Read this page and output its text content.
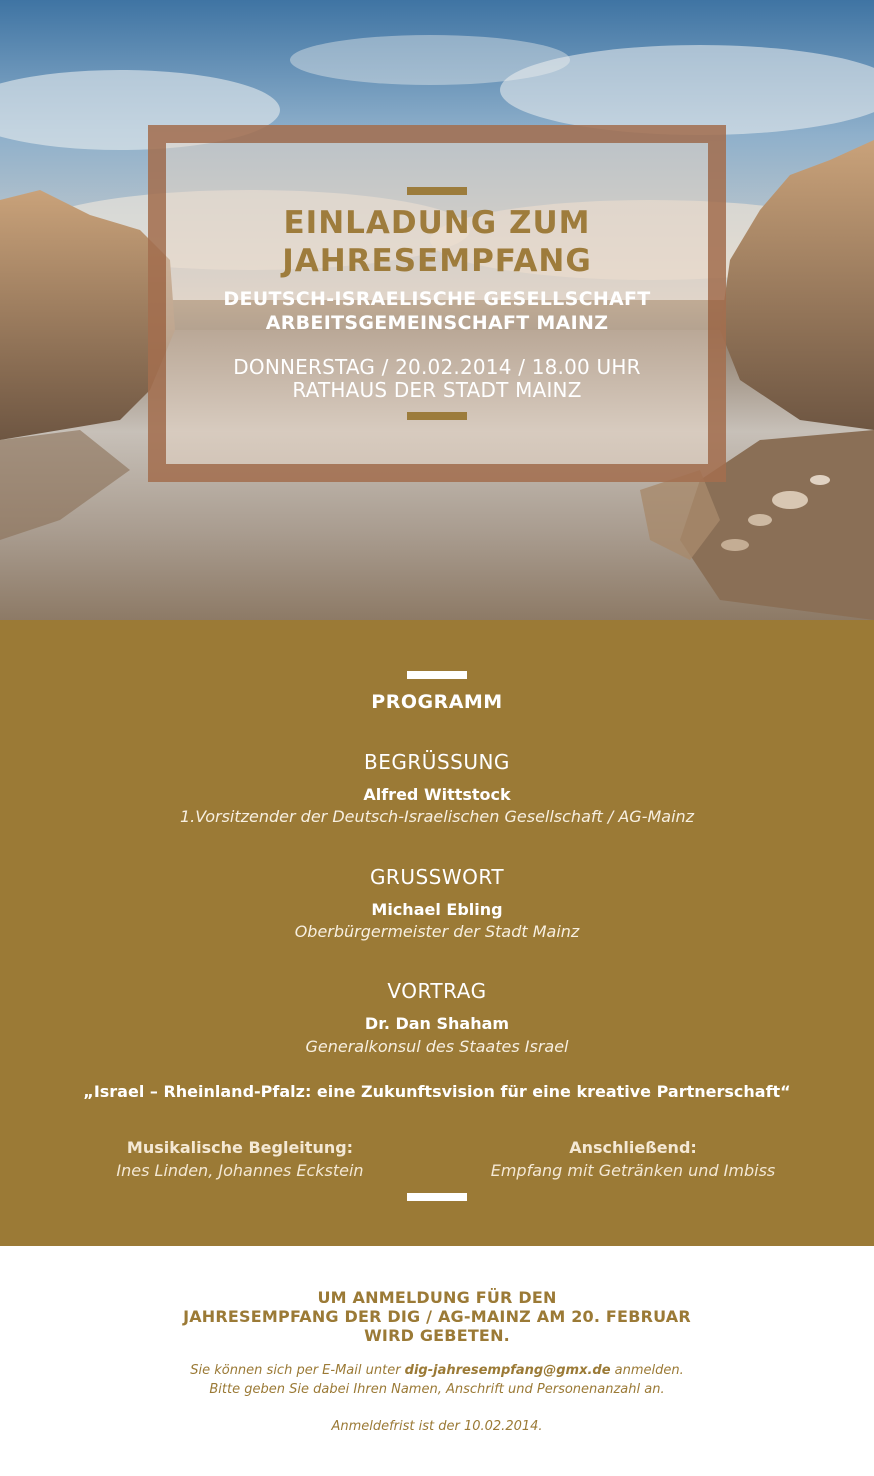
EINLADUNG ZUM
JAHRESEMPFANG
DEUTSCH-ISRAELISCHE GESELLSCHAFT
ARBEITSGEMEINSCHAFT MAINZ
DONNERSTAG / 20.02.2014 / 18.00 UHR
RATHAUS DER STADT MAINZ
PROGRAMM
BEGRÜSSUNG
Alfred Wittstock
1.Vorsitzender der Deutsch-Israelischen Gesellschaft / AG-Mainz
GRUSSWORT
Michael Ebling
Oberbürgermeister der Stadt Mainz
VORTRAG
Dr. Dan Shaham
Generalkonsul des Staates Israel
„Israel – Rheinland-Pfalz: eine Zukunftsvision für eine kreative Partnerschaft“
Musikalische Begleitung:
Ines Linden, Johannes Eckstein
Anschließend:
Empfang mit Getränken und Imbiss
UM ANMELDUNG FÜR DEN
JAHRESEMPFANG DER DIG / AG-MAINZ AM 20. FEBRUAR
WIRD GEBETEN.
Sie können sich per E-Mail unter dig-jahresempfang@gmx.de anmelden.
Bitte geben Sie dabei Ihren Namen, Anschrift und Personenanzahl an.
Anmeldefrist ist der 10.02.2014.
